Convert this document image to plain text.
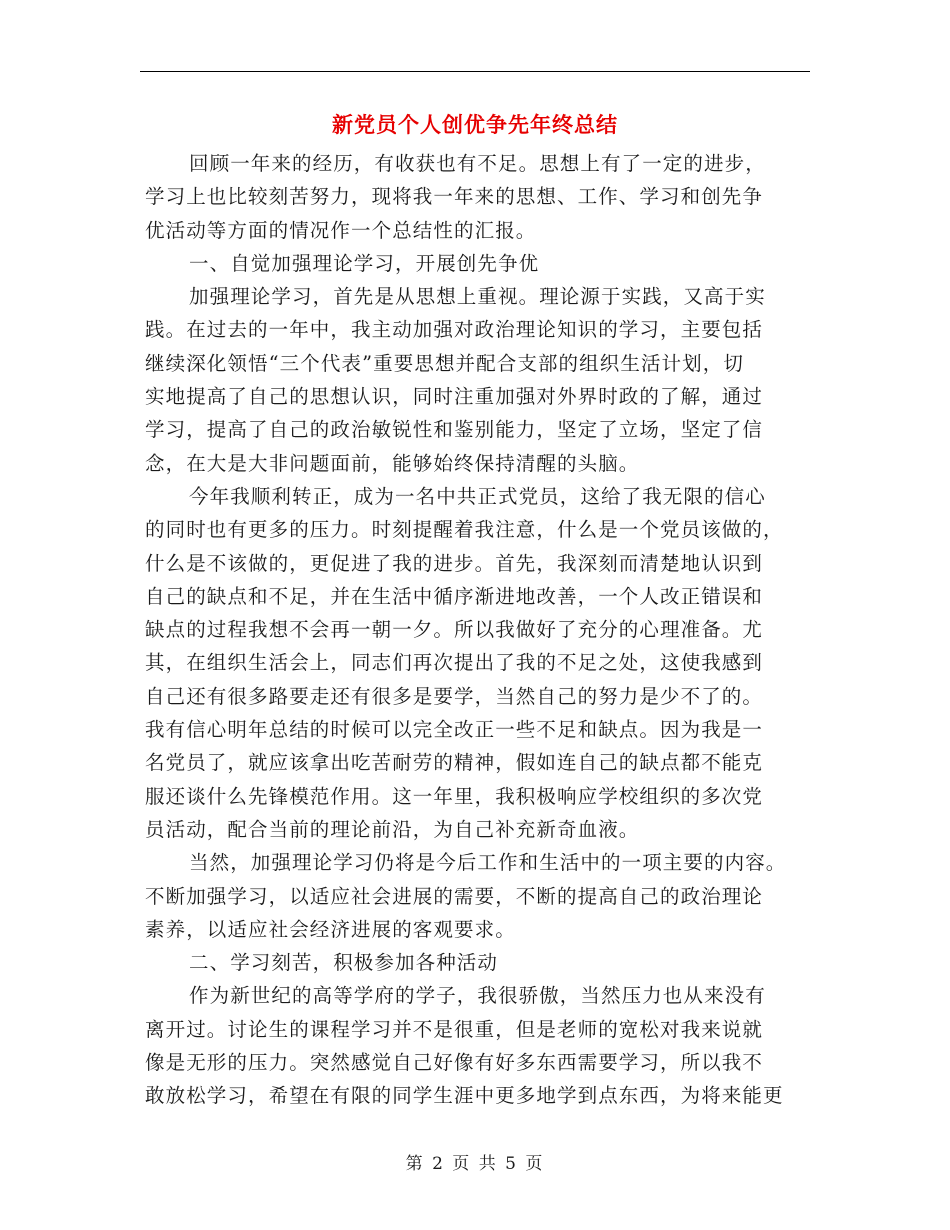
新党员个人创优争先年终总结
回顾一年来的经历，有收获也有不足。思想上有了一定的进步，
学习上也比较刻苦努力，现将我一年来的思想、工作、学习和创先争
优活动等方面的情况作一个总结性的汇报。
一、自觉加强理论学习，开展创先争优
加强理论学习，首先是从思想上重视。理论源于实践，又高于实
践。在过去的一年中，我主动加强对政治理论知识的学习，主要包括
继续深化领悟“三个代表”重要思想并配合支部的组织生活计划，切
实地提高了自己的思想认识，同时注重加强对外界时政的了解，通过
学习，提高了自己的政治敏锐性和鉴别能力，坚定了立场，坚定了信
念，在大是大非问题面前，能够始终保持清醒的头脑。
今年我顺利转正，成为一名中共正式党员，这给了我无限的信心
的同时也有更多的压力。时刻提醒着我注意，什么是一个党员该做的，
什么是不该做的，更促进了我的进步。首先，我深刻而清楚地认识到
自己的缺点和不足，并在生活中循序渐进地改善，一个人改正错误和
缺点的过程我想不会再一朝一夕。所以我做好了充分的心理准备。尤
其，在组织生活会上，同志们再次提出了我的不足之处，这使我感到
自己还有很多路要走还有很多是要学，当然自己的努力是少不了的。
我有信心明年总结的时候可以完全改正一些不足和缺点。因为我是一
名党员了，就应该拿出吃苦耐劳的精神，假如连自己的缺点都不能克
服还谈什么先锋模范作用。这一年里，我积极响应学校组织的多次党
员活动，配合当前的理论前沿，为自己补充新奇血液。
当然，加强理论学习仍将是今后工作和生活中的一项主要的内容。
不断加强学习，以适应社会进展的需要，不断的提高自己的政治理论
素养，以适应社会经济进展的客观要求。
二、学习刻苦，积极参加各种活动
作为新世纪的高等学府的学子，我很骄傲，当然压力也从来没有
离开过。讨论生的课程学习并不是很重，但是老师的宽松对我来说就
像是无形的压力。突然感觉自己好像有好多东西需要学习，所以我不
敢放松学习，希望在有限的同学生涯中更多地学到点东西，为将来能更
第 2 页 共 5 页
